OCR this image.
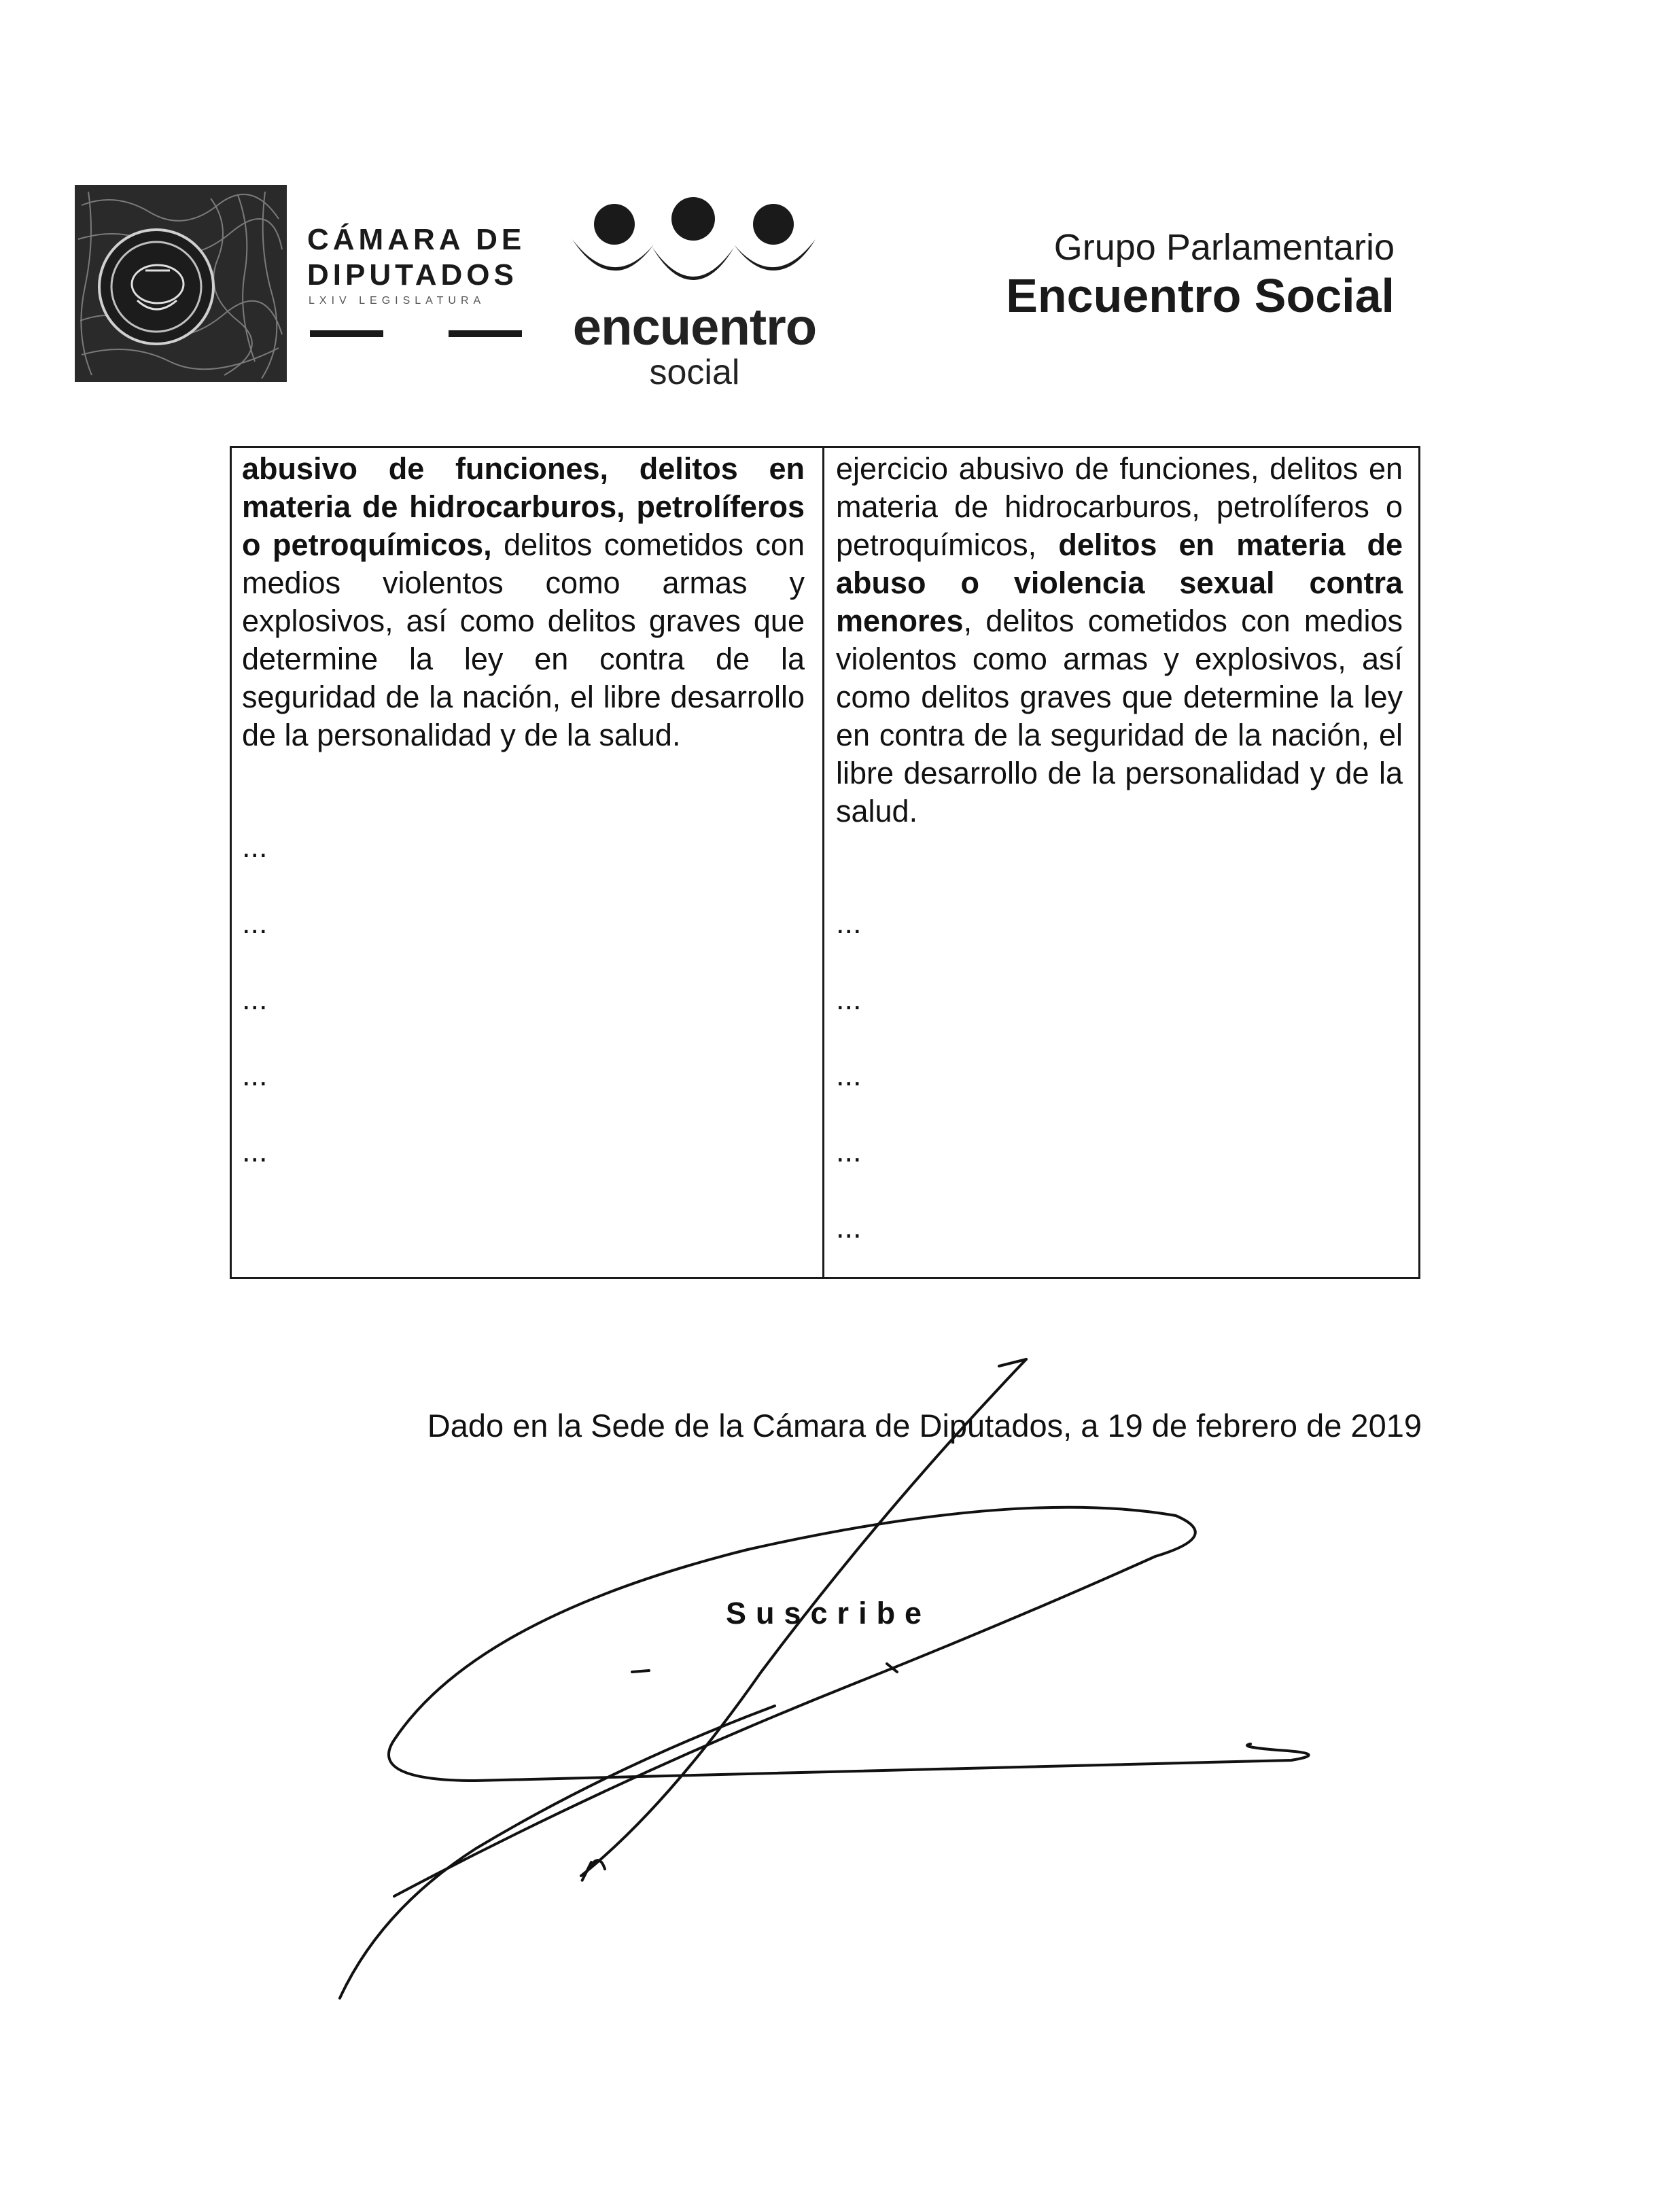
CÁMARA DE
DIPUTADOS
LXIV LEGISLATURA encuentro
social
Grupo Parlamentario
Encuentro Social
abusivo de funciones, delitos en materia de hidrocarburos, petrolíferos o petroquímicos, delitos cometidos con medios violentos como armas y explosivos, así como delitos graves que determine la ley en contra de la seguridad de la nación, el libre desarrollo de la personalidad y de la salud.
...
...
...
...
...
ejercicio abusivo de funciones, delitos en materia de hidrocarburos, petrolíferos o petroquímicos, delitos en materia de abuso o violencia sexual contra menores, delitos cometidos con medios violentos como armas y explosivos, así como delitos graves que determine la ley en contra de la seguridad de la nación, el libre desarrollo de la personalidad y de la salud.
...
...
...
...
...
Dado en la Sede de la Cámara de Diputados, a 19 de febrero de 2019
Suscribe
